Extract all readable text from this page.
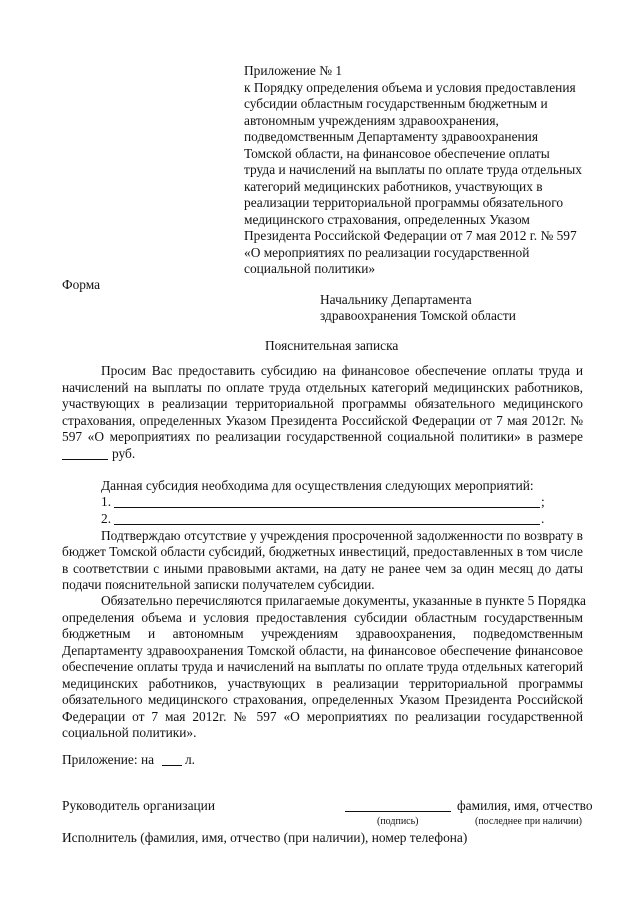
Приложение № 1
к Порядку определения объема и условия предоставления
субсидии областным государственным бюджетным и
автономным учреждениям здравоохранения,
подведомственным Департаменту здравоохранения
Томской области, на финансовое обеспечение оплаты
труда и начислений на выплаты по оплате труда отдельных
категорий медицинских работников, участвующих в
реализации территориальной программы обязательного
медицинского страхования, определенных Указом
Президента Российской Федерации от 7 мая 2012 г. № 597
«О мероприятиях по реализации государственной
социальной политики»
Форма
Начальнику Департамента
здравоохранения Томской области
Пояснительная записка
Просим Вас предоставить субсидию на финансовое обеспечение оплаты труда и
начислений на выплаты по оплате труда отдельных категорий медицинских работников,
участвующих в реализации территориальной программы обязательного медицинского
страхования, определенных Указом Президента Российской Федерации от 7 мая 2012г. №
597 «О мероприятиях по реализации государственной социальной политики» в размере
руб.
Данная субсидия необходима для осуществления следующих мероприятий:
1.	;
2.	.
Подтверждаю отсутствие у учреждения просроченной задолженности по возврату в
бюджет Томской области субсидий, бюджетных инвестиций, предоставленных в том числе
в соответствии с иными правовыми актами, на дату не ранее чем за один месяц до даты
подачи пояснительной записки получателем субсидии.
Обязательно перечисляются прилагаемые документы, указанные в пункте 5 Порядка
определения объема и условия предоставления субсидии областным государственным
бюджетным и автономным учреждениям здравоохранения, подведомственным
Департаменту здравоохранения Томской области, на финансовое обеспечение финансовое
обеспечение оплаты труда и начислений на выплаты по оплате труда отдельных категорий
медицинских работников, участвующих в реализации территориальной программы
обязательного медицинского страхования, определенных Указом Президента Российской
Федерации от 7 мая 2012г. № 597 «О мероприятиях по реализации государственной
социальной политики».
Приложение: на л.
Руководитель организации	фамилия, имя, отчество
(подпись)	(последнее при наличии)
Исполнитель (фамилия, имя, отчество (при наличии), номер телефона)
